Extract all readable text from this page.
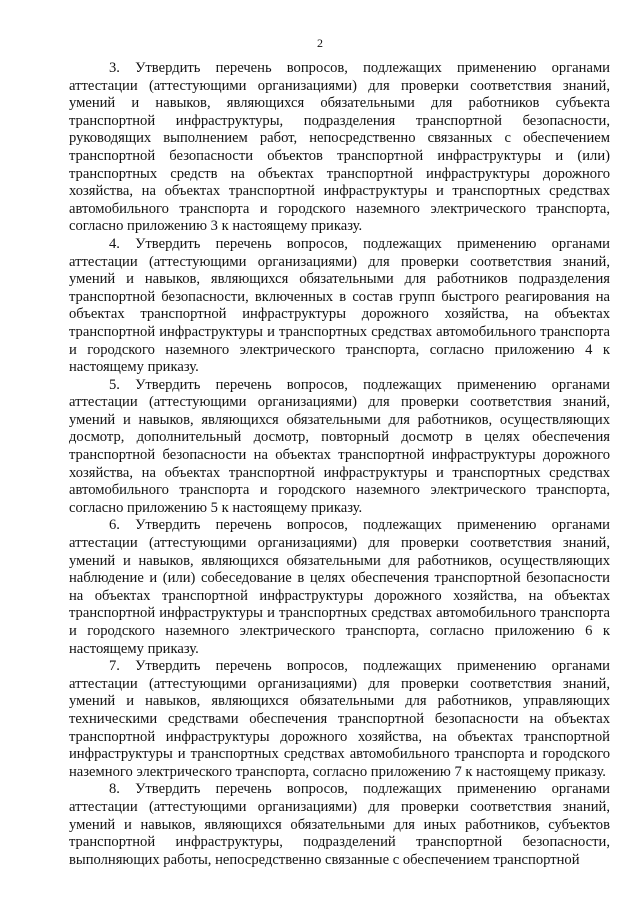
2

3. Утвердить перечень вопросов, подлежащих применению органами аттестации (аттестующими организациями) для проверки соответствия знаний, умений и навыков, являющихся обязательными для работников субъекта транспортной инфраструктуры, подразделения транспортной безопасности, руководящих выполнением работ, непосредственно связанных с обеспечением транспортной безопасности объектов транспортной инфраструктуры и (или) транспортных средств на объектах транспортной инфраструктуры дорожного хозяйства, на объектах транспортной инфраструктуры и транспортных средствах автомобильного транспорта и городского наземного электрического транспорта, согласно приложению 3 к настоящему приказу.

4. Утвердить перечень вопросов, подлежащих применению органами аттестации (аттестующими организациями) для проверки соответствия знаний, умений и навыков, являющихся обязательными для работников подразделения транспортной безопасности, включенных в состав групп быстрого реагирования на объектах транспортной инфраструктуры дорожного хозяйства, на объектах транспортной инфраструктуры и транспортных средствах автомобильного транспорта и городского наземного электрического транспорта, согласно приложению 4 к настоящему приказу.

5. Утвердить перечень вопросов, подлежащих применению органами аттестации (аттестующими организациями) для проверки соответствия знаний, умений и навыков, являющихся обязательными для работников, осуществляющих досмотр, дополнительный досмотр, повторный досмотр в целях обеспечения транспортной безопасности на объектах транспортной инфраструктуры дорожного хозяйства, на объектах транспортной инфраструктуры и транспортных средствах автомобильного транспорта и городского наземного электрического транспорта, согласно приложению 5 к настоящему приказу.

6. Утвердить перечень вопросов, подлежащих применению органами аттестации (аттестующими организациями) для проверки соответствия знаний, умений и навыков, являющихся обязательными для работников, осуществляющих наблюдение и (или) собеседование в целях обеспечения транспортной безопасности на объектах транспортной инфраструктуры дорожного хозяйства, на объектах транспортной инфраструктуры и транспортных средствах автомобильного транспорта и городского наземного электрического транспорта, согласно приложению 6 к настоящему приказу.

7. Утвердить перечень вопросов, подлежащих применению органами аттестации (аттестующими организациями) для проверки соответствия знаний, умений и навыков, являющихся обязательными для работников, управляющих техническими средствами обеспечения транспортной безопасности на объектах транспортной инфраструктуры дорожного хозяйства, на объектах транспортной инфраструктуры и транспортных средствах автомобильного транспорта и городского наземного электрического транспорта, согласно приложению 7 к настоящему приказу.

8. Утвердить перечень вопросов, подлежащих применению органами аттестации (аттестующими организациями) для проверки соответствия знаний, умений и навыков, являющихся обязательными для иных работников, субъектов транспортной инфраструктуры, подразделений транспортной безопасности, выполняющих работы, непосредственно связанные с обеспечением транспортной
